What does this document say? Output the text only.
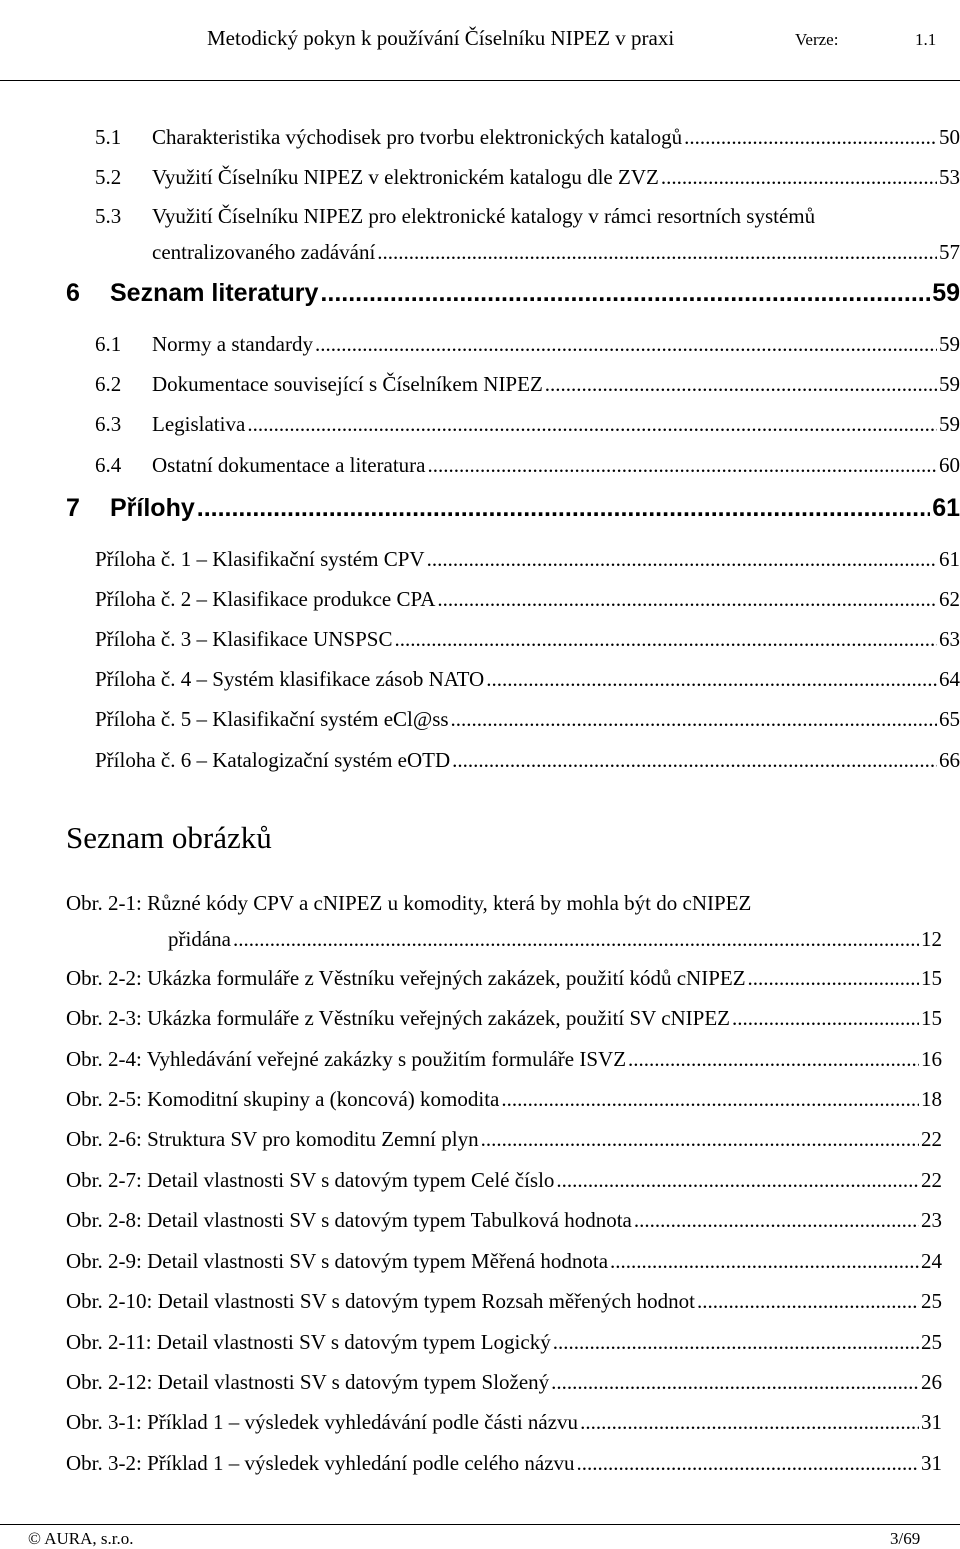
Metodický pokyn k používání Číselníku NIPEZ v praxi	Verze:	1.1
5.1	Charakteristika východisek pro tvorbu elektronických katalogů .....	50
5.2	Využití Číselníku NIPEZ v elektronickém katalogu dle ZVZ .....	53
5.3	Využití Číselníku NIPEZ pro elektronické katalogy v rámci resortních systémů
centralizovaného zadávání .....	57
6	Seznam literatury .....	59
6.1	Normy a standardy .....	59
6.2	Dokumentace související s Číselníkem NIPEZ .....	59
6.3	Legislativa .....	59
6.4	Ostatní dokumentace a literatura .....	60
7	Přílohy .....	61
Příloha č. 1 – Klasifikační systém CPV .....	61
Příloha č. 2 – Klasifikace produkce CPA .....	62
Příloha č. 3 – Klasifikace UNSPSC .....	63
Příloha č. 4 – Systém klasifikace zásob NATO .....	64
Příloha č. 5 – Klasifikační systém eCl@ss .....	65
Příloha č. 6 – Katalogizační systém eOTD .....	66
Seznam obrázků
Obr. 2-1: Různé kódy CPV a cNIPEZ u komodity, která by mohla být do cNIPEZ
přidána .....	12
Obr. 2-2: Ukázka formuláře z Věstníku veřejných zakázek, použití kódů cNIPEZ .....	15
Obr. 2-3: Ukázka formuláře z Věstníku veřejných zakázek, použití SV cNIPEZ .....	15
Obr. 2-4: Vyhledávání veřejné zakázky s použitím formuláře ISVZ .....	16
Obr. 2-5: Komoditní skupiny a (koncová) komodita .....	18
Obr. 2-6: Struktura SV pro komoditu Zemní plyn .....	22
Obr. 2-7: Detail vlastnosti SV s datovým typem Celé číslo .....	22
Obr. 2-8: Detail vlastnosti SV s datovým typem Tabulková hodnota .....	23
Obr. 2-9: Detail vlastnosti SV s datovým typem Měřená hodnota .....	24
Obr. 2-10: Detail vlastnosti SV s datovým typem Rozsah měřených hodnot .....	25
Obr. 2-11: Detail vlastnosti SV s datovým typem Logický .....	25
Obr. 2-12: Detail vlastnosti SV s datovým typem Složený .....	26
Obr. 3-1: Příklad 1 – výsledek vyhledávání podle části názvu .....	31
Obr. 3-2: Příklad 1 – výsledek vyhledání podle celého názvu .....	31
© AURA, s.r.o.	3/69
